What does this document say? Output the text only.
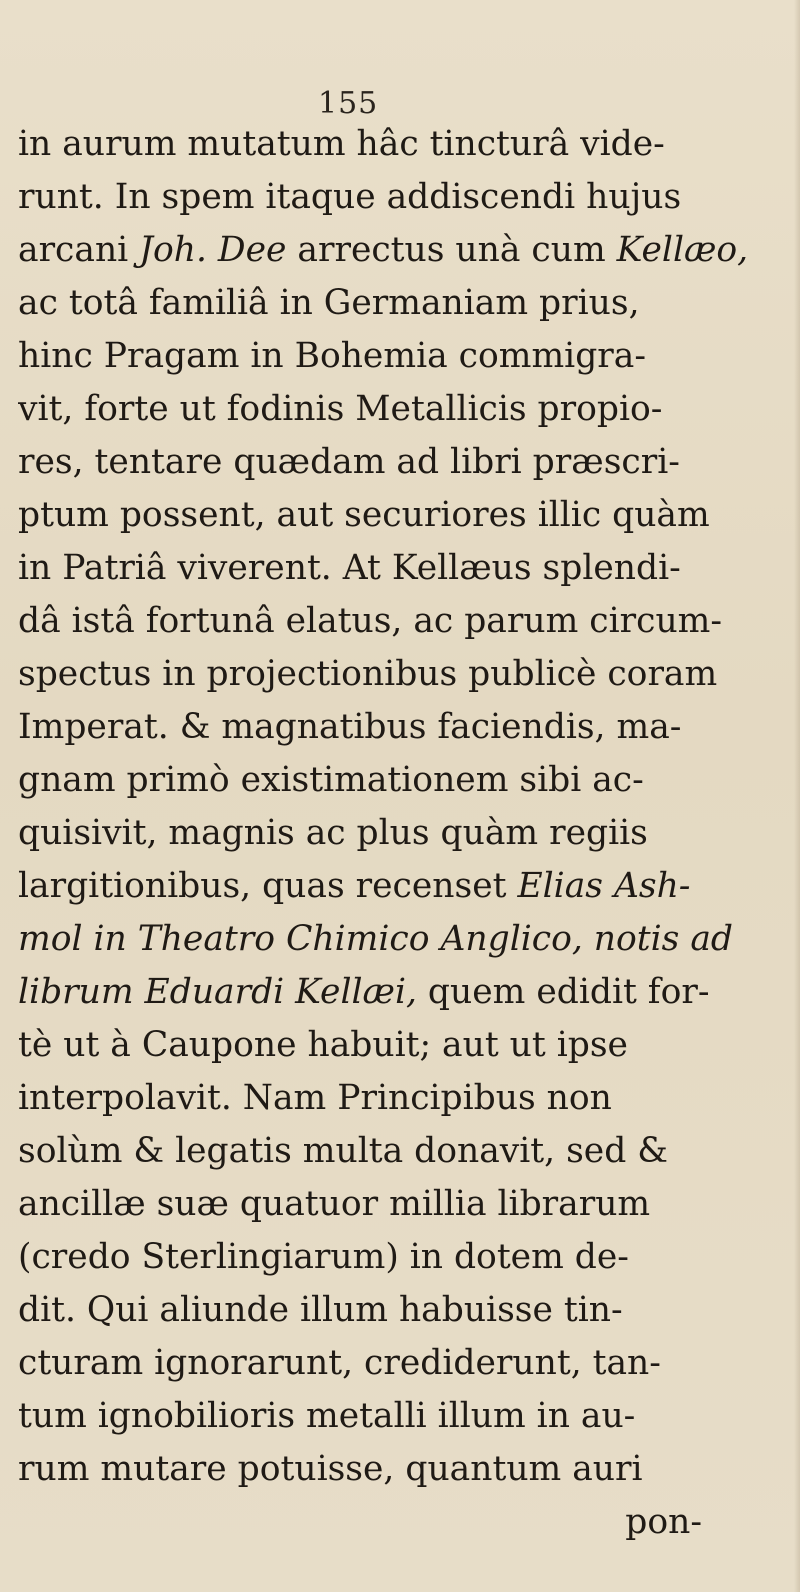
155
in aurum mutatum hâc tincturâ vide-
runt. In spem itaque addiscendi hujus
arcani Joh. Dee arrectus unà cum Kellæo,
ac totâ familiâ in Germaniam prius,
hinc Pragam in Bohemia commigra-
vit, forte ut fodinis Metallicis propio-
res, tentare quædam ad libri præscri-
ptum possent, aut securiores illic quàm
in Patriâ viverent. At Kellæus splendi-
dâ istâ fortunâ elatus, ac parum circum-
spectus in projectionibus publicè coram
Imperat. & magnatibus faciendis, ma-
gnam primò existimationem sibi ac-
quisivit, magnis ac plus quàm regiis
largitionibus, quas recenset Elias Ash-
mol in Theatro Chimico Anglico, notis ad
librum Eduardi Kellæi, quem edidit for-
tè ut à Caupone habuit; aut ut ipse
interpolavit. Nam Principibus non
solùm & legatis multa donavit, sed &
ancillæ suæ quatuor millia librarum
(credo Sterlingiarum) in dotem de-
dit. Qui aliunde illum habuisse tin-
cturam ignorarunt, crediderunt, tan-
tum ignobilioris metalli illum in au-
rum mutare potuisse, quantum auri
pon-
